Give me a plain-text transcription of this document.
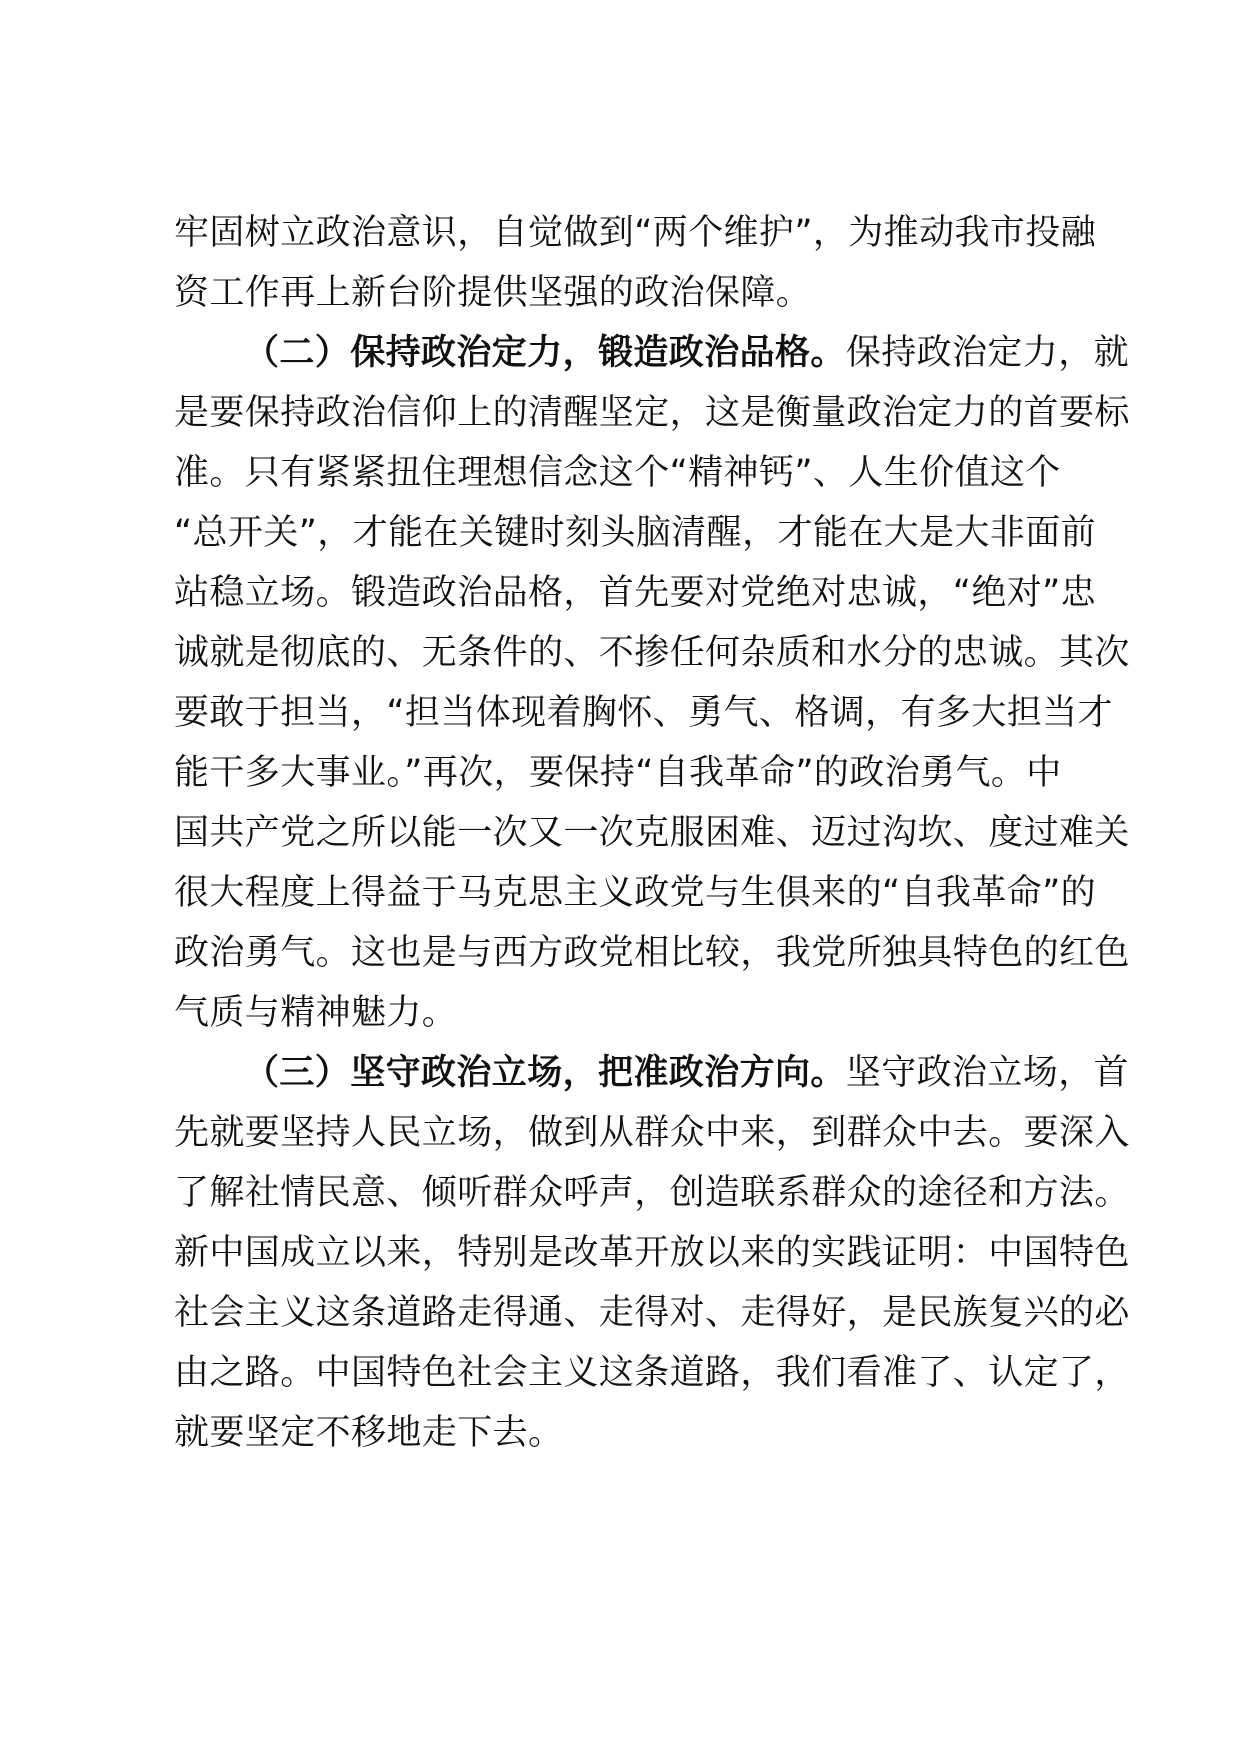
牢固树立政治意识，自觉做到“两个维护”，为推动我市投融
资工作再上新台阶提供坚强的政治保障。
（二）保持政治定力，锻造政治品格。保持政治定力，就
是要保持政治信仰上的清醒坚定，这是衡量政治定力的首要标
准。只有紧紧扭住理想信念这个“精神钙”、人生价值这个
“总开关”，才能在关键时刻头脑清醒，才能在大是大非面前
站稳立场。锻造政治品格，首先要对党绝对忠诚，“绝对”忠
诚就是彻底的、无条件的、不掺任何杂质和水分的忠诚。其次
要敢于担当，“担当体现着胸怀、勇气、格调，有多大担当才
能干多大事业。”再次，要保持“自我革命”的政治勇气。中
国共产党之所以能一次又一次克服困难、迈过沟坎、度过难关
很大程度上得益于马克思主义政党与生俱来的“自我革命”的
政治勇气。这也是与西方政党相比较，我党所独具特色的红色
气质与精神魅力。
（三）坚守政治立场，把准政治方向。坚守政治立场，首
先就要坚持人民立场，做到从群众中来，到群众中去。要深入
了解社情民意、倾听群众呼声，创造联系群众的途径和方法。
新中国成立以来，特别是改革开放以来的实践证明：中国特色
社会主义这条道路走得通、走得对、走得好，是民族复兴的必
由之路。中国特色社会主义这条道路，我们看准了、认定了，
就要坚定不移地走下去。
